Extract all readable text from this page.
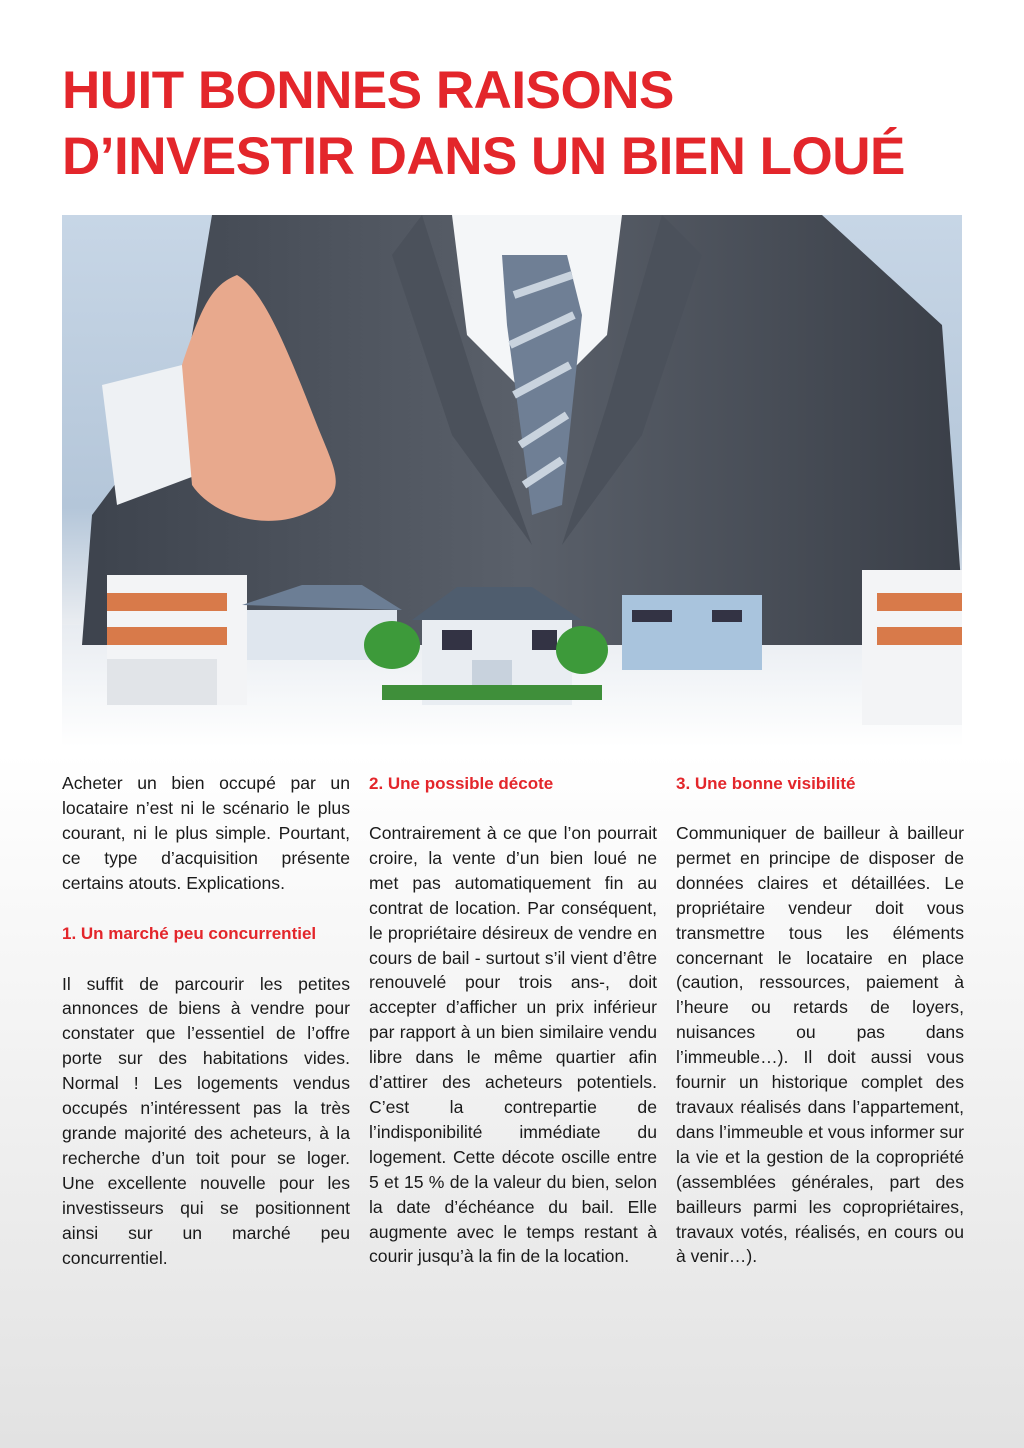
HUIT BONNES RAISONS
D’INVESTIR DANS UN BIEN LOUÉ

Acheter un bien occupé par un locataire n’est ni le scénario le plus courant, ni le plus simple. Pourtant, ce type d’acquisition présente certains atouts. Explications.

1. Un marché peu concurrentiel

Il suffit de parcourir les petites annonces de biens à vendre pour constater que l’essentiel de l’offre porte sur des habitations vides. Normal ! Les logements vendus occupés n’intéressent pas la très grande majorité des acheteurs, à la recherche d’un toit pour se loger. Une excellente nouvelle pour les investisseurs qui se positionnent ainsi sur un marché peu concurrentiel.

2. Une possible décote

Contrairement à ce que l’on pourrait croire, la vente d’un bien loué ne met pas automatiquement fin au contrat de location. Par conséquent, le propriétaire désireux de vendre en cours de bail - surtout s’il vient d’être renouvelé pour trois ans-, doit accepter d’afficher un prix inférieur par rapport à un bien similaire vendu libre dans le même quartier afin d’attirer des acheteurs potentiels. C’est la contrepartie de l’indisponibilité immédiate du logement. Cette décote oscille entre 5 et 15 % de la valeur du bien, selon la date d’échéance du bail. Elle augmente avec le temps restant à courir jusqu’à la fin de la location.

3. Une bonne visibilité

Communiquer de bailleur à bailleur permet en principe de disposer de données claires et détaillées. Le propriétaire vendeur doit vous transmettre tous les éléments concernant le locataire en place (caution, ressources, paiement à l’heure ou retards de loyers, nuisances ou pas dans l’immeuble…). Il doit aussi vous fournir un historique complet des travaux réalisés dans l’appartement, dans l’immeuble et vous informer sur la vie et la gestion de la copropriété (assemblées générales, part des bailleurs parmi les copropriétaires, travaux votés, réalisés, en cours ou à venir…).
